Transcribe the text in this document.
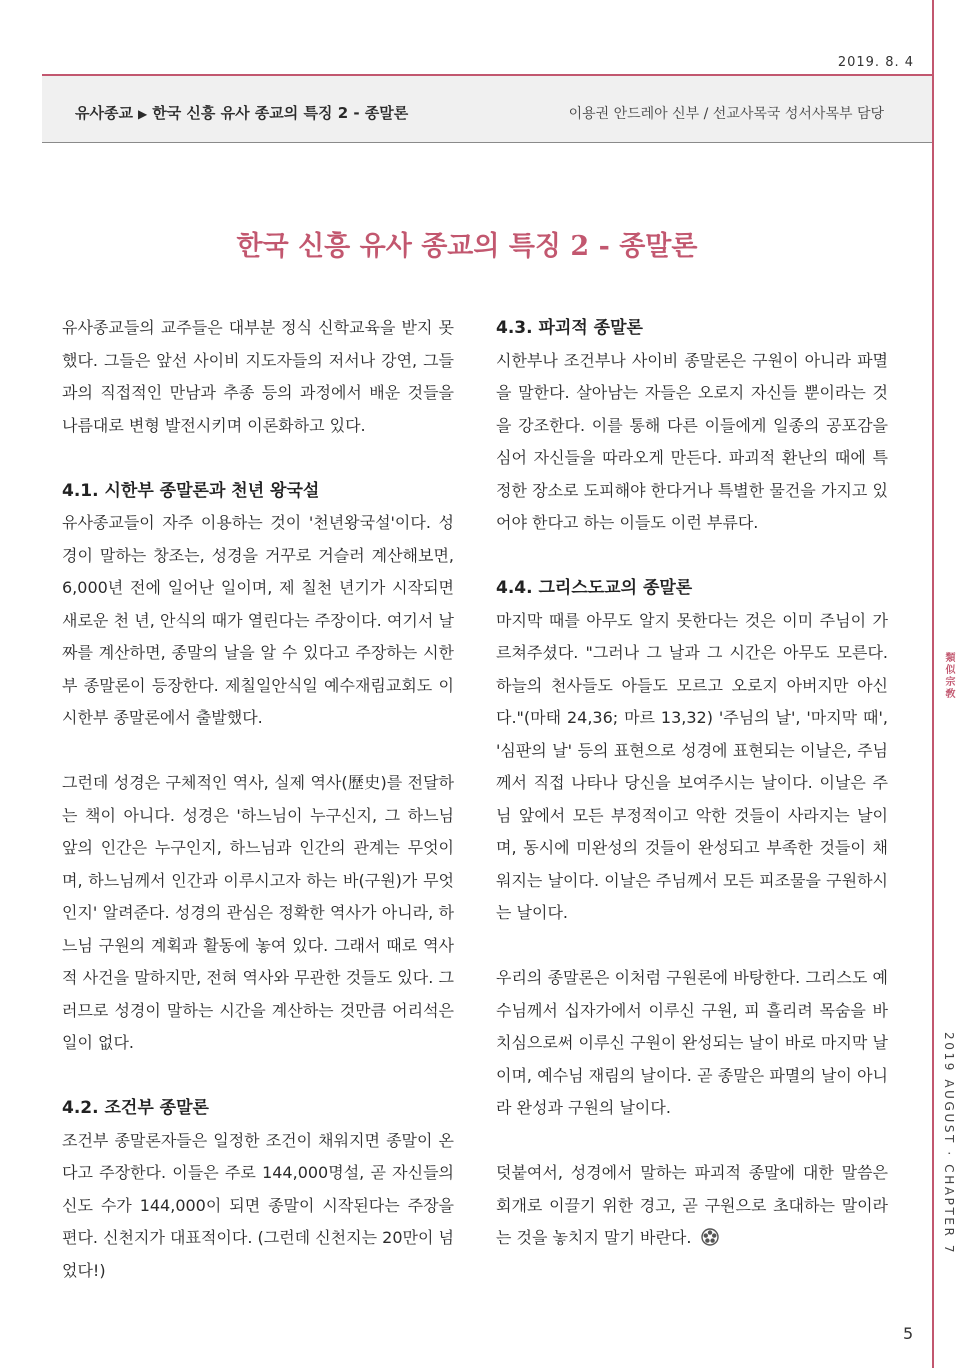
2019. 8. 4
유사종교 ▶ 한국 신흥 유사 종교의 특징 2 - 종말론	이용권 안드레아 신부 / 선교사목국 성서사목부 담당
類似宗敎
2019 AUGUST · CHAPTER 7
한국 신흥 유사 종교의 특징 2 - 종말론

유사종교들의 교주들은 대부분 정식 신학교육을 받지 못했다. 그들은 앞선 사이비 지도자들의 저서나 강연, 그들과의 직접적인 만남과 추종 등의 과정에서 배운 것들을 나름대로 변형 발전시키며 이론화하고 있다.

4.1. 시한부 종말론과 천년 왕국설

유사종교들이 자주 이용하는 것이 '천년왕국설'이다. 성경이 말하는 창조는, 성경을 거꾸로 거슬러 계산해보면, 6,000년 전에 일어난 일이며, 제 칠천 년기가 시작되면 새로운 천 년, 안식의 때가 열린다는 주장이다. 여기서 날짜를 계산하면, 종말의 날을 알 수 있다고 주장하는 시한부 종말론이 등장한다. 제칠일안식일 예수재림교회도 이 시한부 종말론에서 출발했다.

그런데 성경은 구체적인 역사, 실제 역사(歷史)를 전달하는 책이 아니다. 성경은 '하느님이 누구신지, 그 하느님 앞의 인간은 누구인지, 하느님과 인간의 관계는 무엇이며, 하느님께서 인간과 이루시고자 하는 바(구원)가 무엇인지' 알려준다. 성경의 관심은 정확한 역사가 아니라, 하느님 구원의 계획과 활동에 놓여 있다. 그래서 때로 역사적 사건을 말하지만, 전혀 역사와 무관한 것들도 있다. 그러므로 성경이 말하는 시간을 계산하는 것만큼 어리석은 일이 없다.

4.2. 조건부 종말론

조건부 종말론자들은 일정한 조건이 채워지면 종말이 온다고 주장한다. 이들은 주로 144,000명설, 곧 자신들의 신도 수가 144,000이 되면 종말이 시작된다는 주장을 편다. 신천지가 대표적이다. (그런데 신천지는 20만이 넘었다!)

4.3. 파괴적 종말론

시한부나 조건부나 사이비 종말론은 구원이 아니라 파멸을 말한다. 살아남는 자들은 오로지 자신들 뿐이라는 것을 강조한다. 이를 통해 다른 이들에게 일종의 공포감을 심어 자신들을 따라오게 만든다. 파괴적 환난의 때에 특정한 장소로 도피해야 한다거나 특별한 물건을 가지고 있어야 한다고 하는 이들도 이런 부류다.

4.4. 그리스도교의 종말론

마지막 때를 아무도 알지 못한다는 것은 이미 주님이 가르쳐주셨다. "그러나 그 날과 그 시간은 아무도 모른다. 하늘의 천사들도 아들도 모르고 오로지 아버지만 아신다."(마태 24,36; 마르 13,32) '주님의 날', '마지막 때', '심판의 날' 등의 표현으로 성경에 표현되는 이날은, 주님께서 직접 나타나 당신을 보여주시는 날이다. 이날은 주님 앞에서 모든 부정적이고 악한 것들이 사라지는 날이며, 동시에 미완성의 것들이 완성되고 부족한 것들이 채워지는 날이다. 이날은 주님께서 모든 피조물을 구원하시는 날이다.

우리의 종말론은 이처럼 구원론에 바탕한다. 그리스도 예수님께서 십자가에서 이루신 구원, 피 흘리려 목숨을 바치심으로써 이루신 구원이 완성되는 날이 바로 마지막 날이며, 예수님 재림의 날이다. 곧 종말은 파멸의 날이 아니라 완성과 구원의 날이다.

덧붙여서, 성경에서 말하는 파괴적 종말에 대한 말씀은 회개로 이끌기 위한 경고, 곧 구원으로 초대하는 말이라는 것을 놓치지 말기 바란다.

5
